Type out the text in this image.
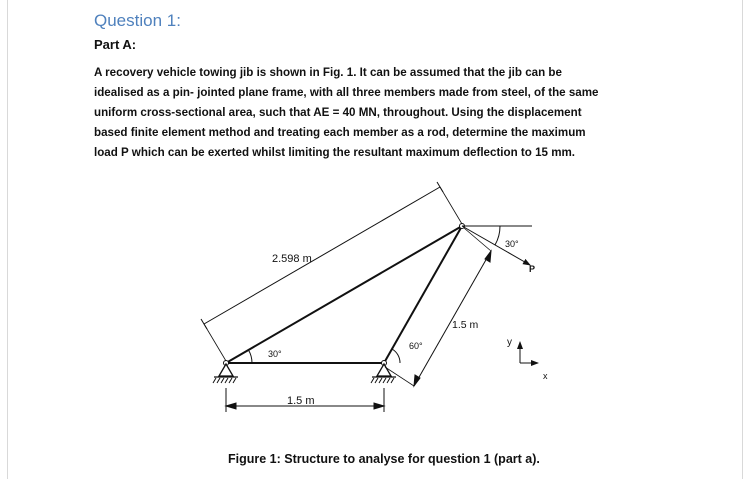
Question 1:
Part A:

A recovery vehicle towing jib is shown in Fig. 1. It can be assumed that the jib can be
idealised as a pin- jointed plane frame, with all three members made from steel, of the same
uniform cross-sectional area, such that AE = 40 MN, throughout. Using the displacement
based finite element method and treating each member as a rod, determine the maximum
load P which can be exerted whilst limiting the resultant maximum deflection to 15 mm.

2.598 m
1.5 m
1.5 m
30°
60°
30°
P
y
x

Figure 1: Structure to analyse for question 1 (part a).
